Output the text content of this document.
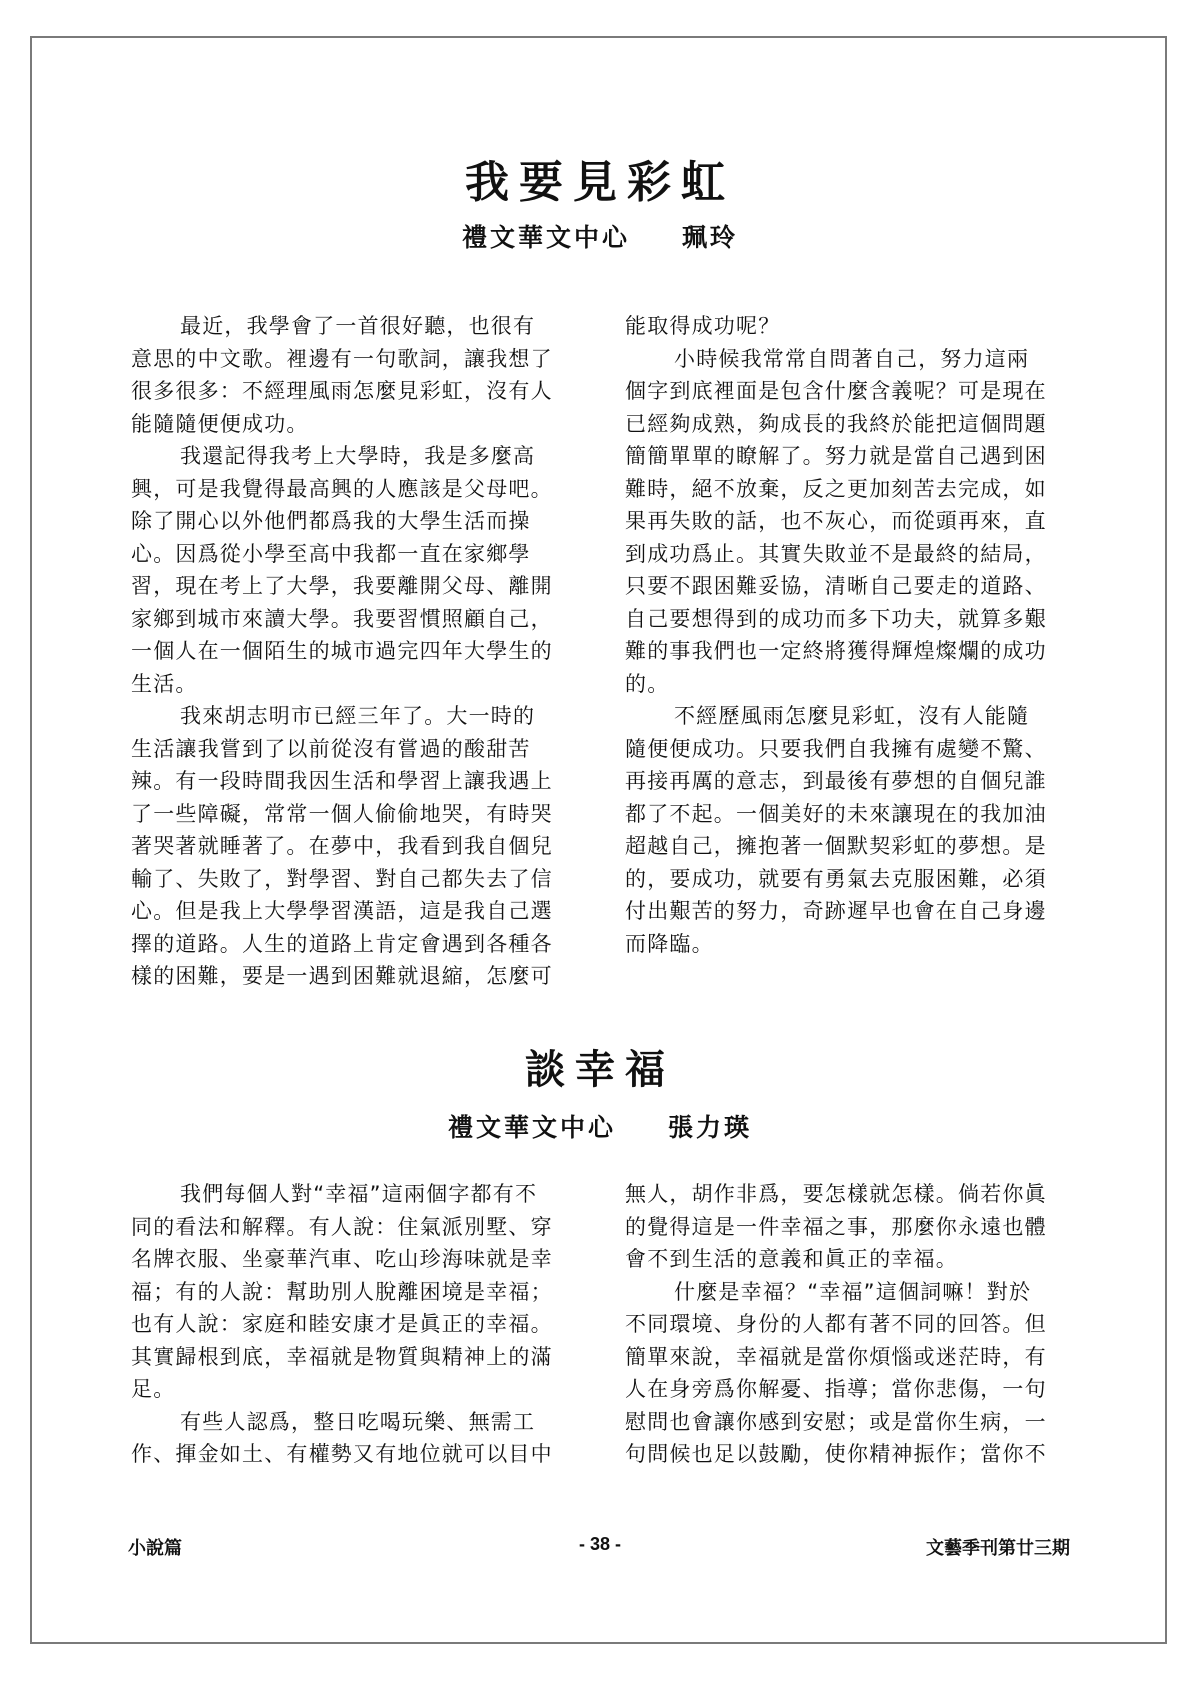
我要見彩虹
禮文華文中心 珮玲
最近，我學會了一首很好聽，也很有
意思的中文歌。裡邊有一句歌詞，讓我想了
很多很多：不經理風雨怎麼見彩虹，沒有人
能隨隨便便成功。
我還記得我考上大學時，我是多麼高
興，可是我覺得最高興的人應該是父母吧。
除了開心以外他們都爲我的大學生活而操
心。因爲從小學至高中我都一直在家鄉學
習，現在考上了大學，我要離開父母、離開
家鄉到城市來讀大學。我要習慣照顧自己，
一個人在一個陌生的城市過完四年大學生的
生活。
我來胡志明市已經三年了。大一時的
生活讓我嘗到了以前從沒有嘗過的酸甜苦
辣。有一段時間我因生活和學習上讓我遇上
了一些障礙，常常一個人偷偷地哭，有時哭
著哭著就睡著了。在夢中，我看到我自個兒
輸了、失敗了，對學習、對自己都失去了信
心。但是我上大學學習漢語，這是我自己選
擇的道路。人生的道路上肯定會遇到各種各
樣的困難，要是一遇到困難就退縮，怎麼可
能取得成功呢？
小時候我常常自問著自己，努力這兩
個字到底裡面是包含什麼含義呢？可是現在
已經夠成熟，夠成長的我終於能把這個問題
簡簡單單的瞭解了。努力就是當自己遇到困
難時，絕不放棄，反之更加刻苦去完成，如
果再失敗的話，也不灰心，而從頭再來，直
到成功爲止。其實失敗並不是最終的結局，
只要不跟困難妥協，清晰自己要走的道路、
自己要想得到的成功而多下功夫，就算多艱
難的事我們也一定終將獲得輝煌燦爛的成功
的。
不經歷風雨怎麼見彩虹，沒有人能隨
隨便便成功。只要我們自我擁有處變不驚、
再接再厲的意志，到最後有夢想的自個兒誰
都了不起。一個美好的未來讓現在的我加油
超越自己，擁抱著一個默契彩虹的夢想。是
的，要成功，就要有勇氣去克服困難，必須
付出艱苦的努力，奇跡遲早也會在自己身邊
而降臨。
談幸福
禮文華文中心 張力瑛
我們每個人對“幸福”這兩個字都有不
同的看法和解釋。有人說：住氣派別墅、穿
名牌衣服、坐豪華汽車、吃山珍海味就是幸
福；有的人說：幫助別人脫離困境是幸福；
也有人說：家庭和睦安康才是眞正的幸福。
其實歸根到底，幸福就是物質與精神上的滿
足。
有些人認爲，整日吃喝玩樂、無需工
作、揮金如土、有權勢又有地位就可以目中
無人，胡作非爲，要怎樣就怎樣。倘若你眞
的覺得這是一件幸福之事，那麼你永遠也體
會不到生活的意義和眞正的幸福。
什麼是幸福？“幸福”這個詞嘛！對於
不同環境、身份的人都有著不同的回答。但
簡單來說，幸福就是當你煩惱或迷茫時，有
人在身旁爲你解憂、指導；當你悲傷，一句
慰問也會讓你感到安慰；或是當你生病，一
句問候也足以鼓勵，使你精神振作；當你不
小說篇	- 38 -	文藝季刊第廿三期
